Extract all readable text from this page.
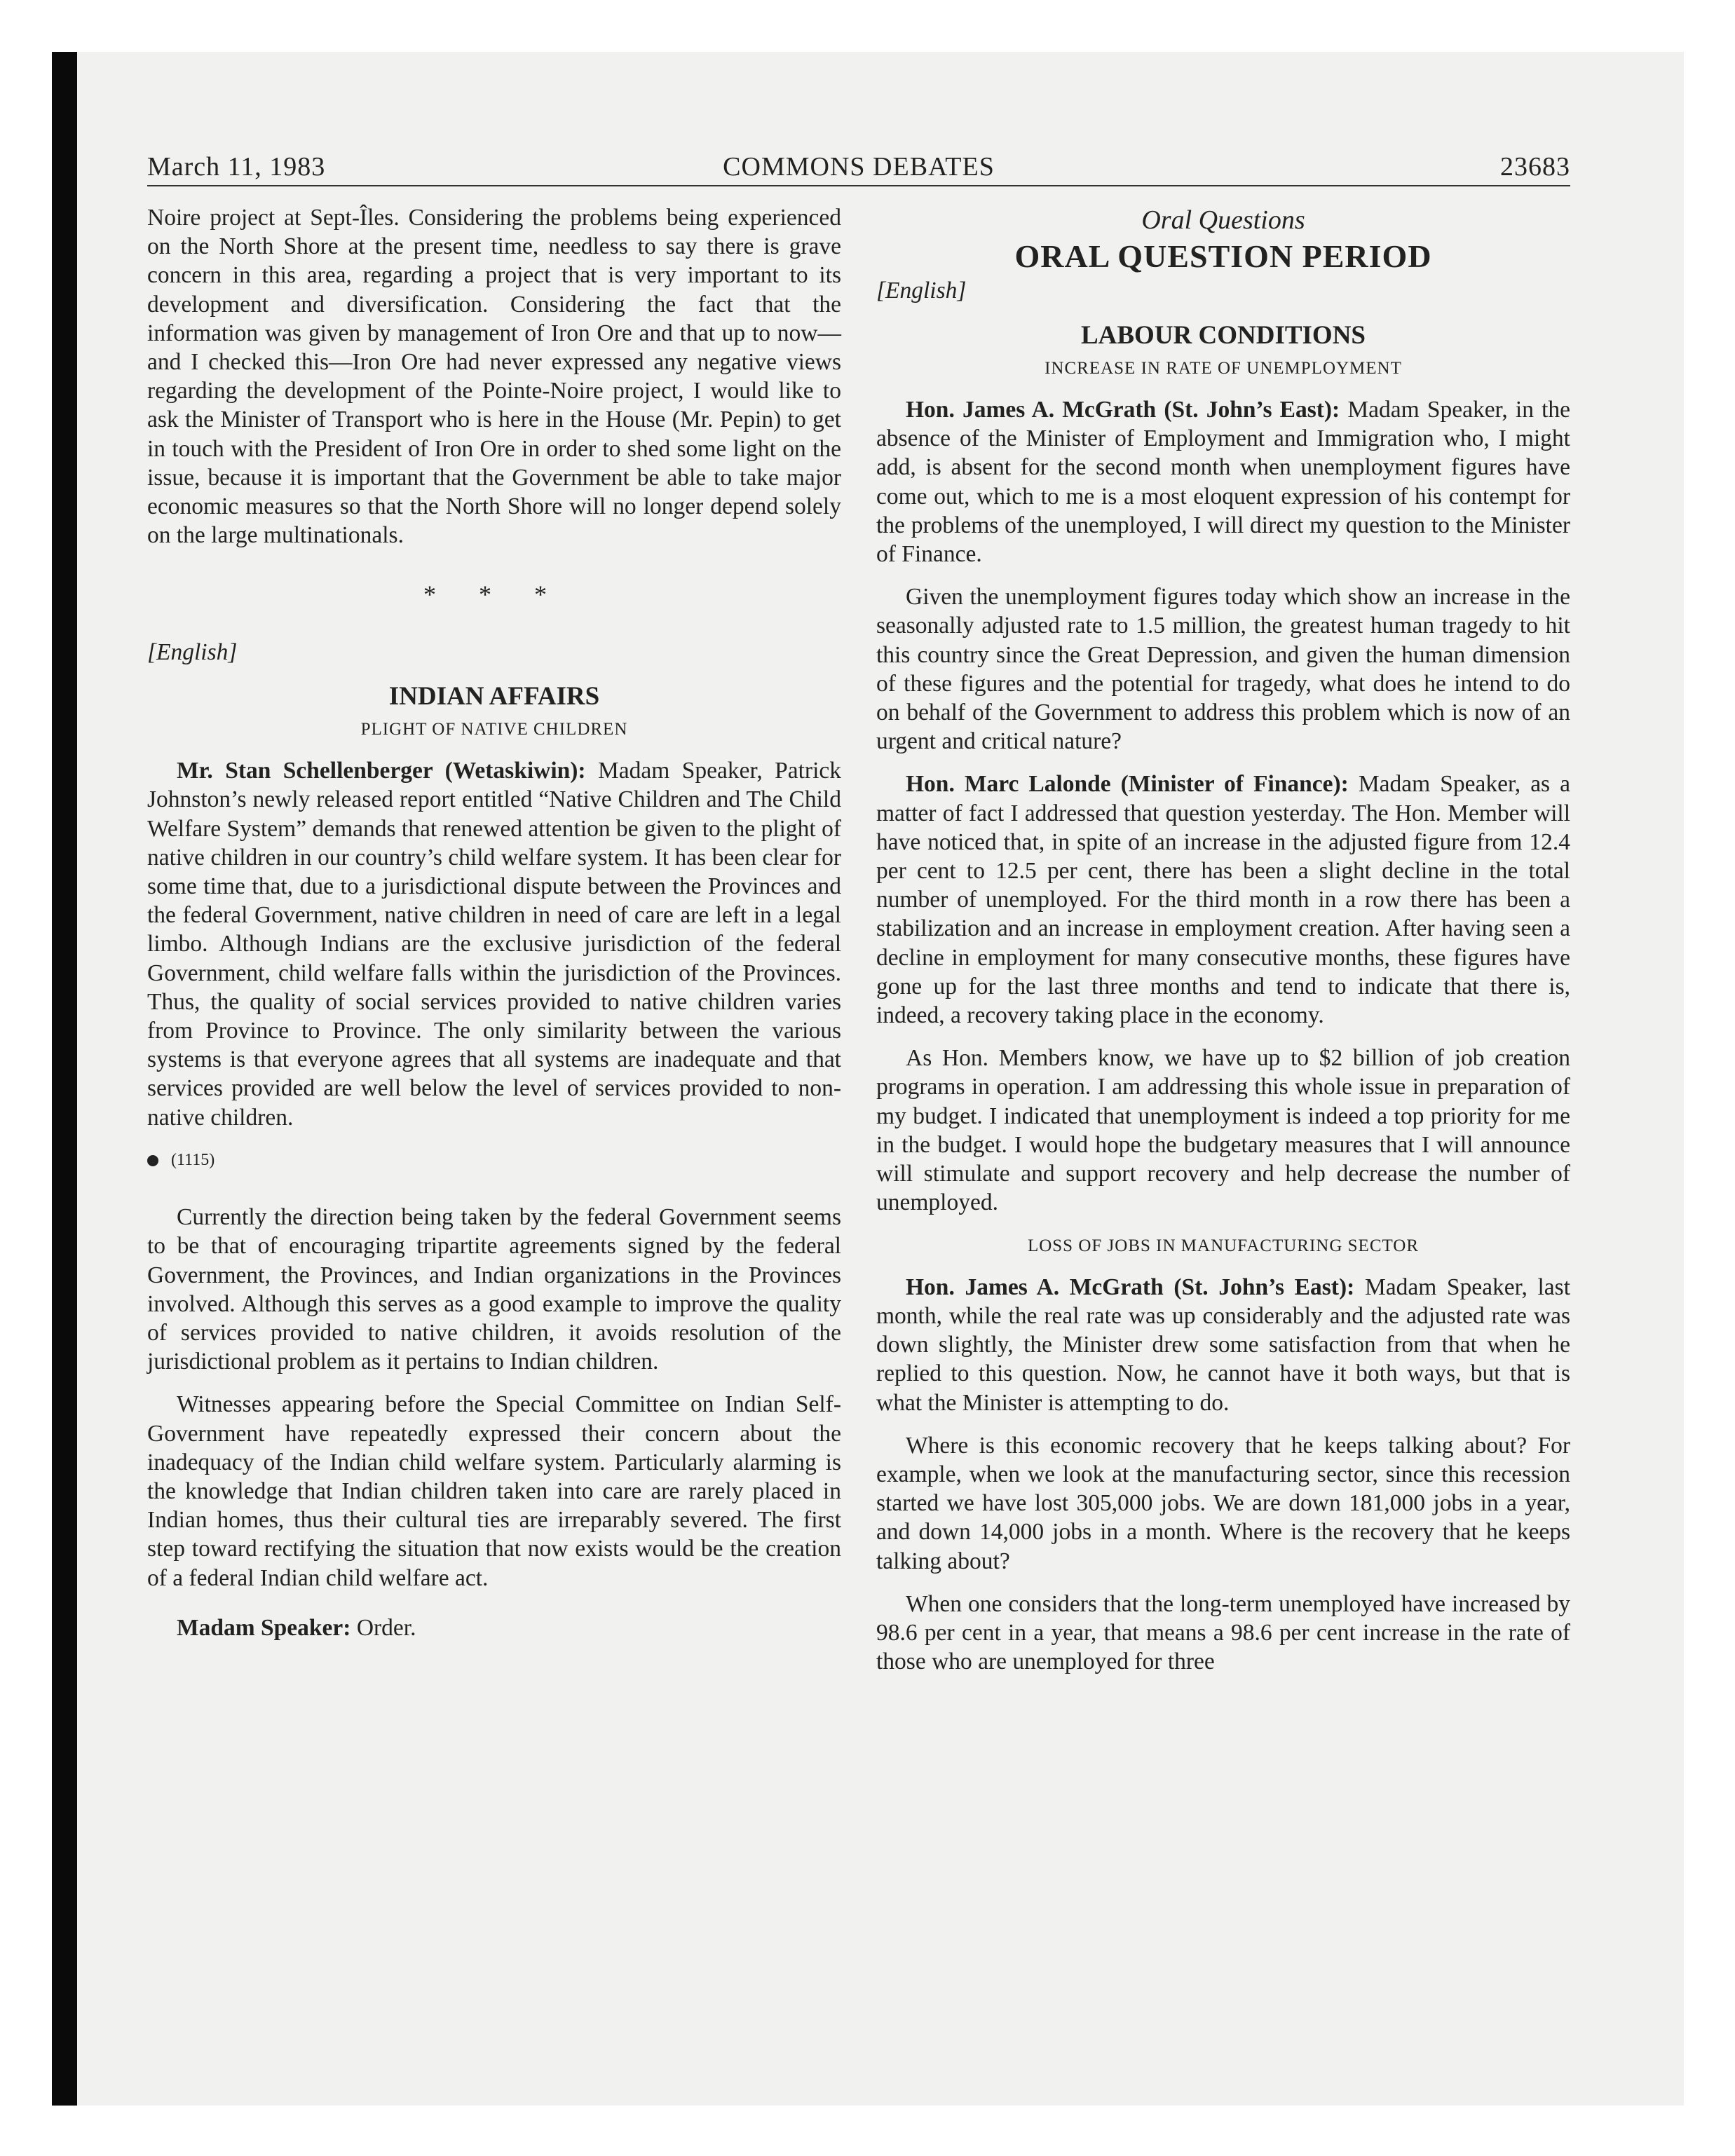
March 11, 1983	COMMONS DEBATES	23683

Noire project at Sept-Îles. Considering the problems being experienced on the North Shore at the present time, needless to say there is grave concern in this area, regarding a project that is very important to its development and diversification. Considering the fact that the information was given by management of Iron Ore and that up to now—and I checked this—Iron Ore had never expressed any negative views regarding the development of the Pointe-Noire project, I would like to ask the Minister of Transport who is here in the House (Mr. Pepin) to get in touch with the President of Iron Ore in order to shed some light on the issue, because it is important that the Government be able to take major economic measures so that the North Shore will no longer depend solely on the large multinationals.

* * *
[English]
INDIAN AFFAIRS
PLIGHT OF NATIVE CHILDREN

Mr. Stan Schellenberger (Wetaskiwin): Madam Speaker, Patrick Johnston’s newly released report entitled “Native Children and The Child Welfare System” demands that renewed attention be given to the plight of native children in our country’s child welfare system. It has been clear for some time that, due to a jurisdictional dispute between the Provinces and the federal Government, native children in need of care are left in a legal limbo. Although Indians are the exclusive jurisdiction of the federal Government, child welfare falls within the jurisdiction of the Provinces. Thus, the quality of social services provided to native children varies from Province to Province. The only similarity between the various systems is that everyone agrees that all systems are inadequate and that services provided are well below the level of services provided to non-native children.

(1115)

Currently the direction being taken by the federal Government seems to be that of encouraging tripartite agreements signed by the federal Government, the Provinces, and Indian organizations in the Provinces involved. Although this serves as a good example to improve the quality of services provided to native children, it avoids resolution of the jurisdictional problem as it pertains to Indian children.

Witnesses appearing before the Special Committee on Indian Self-Government have repeatedly expressed their concern about the inadequacy of the Indian child welfare system. Particularly alarming is the knowledge that Indian children taken into care are rarely placed in Indian homes, thus their cultural ties are irreparably severed. The first step toward rectifying the situation that now exists would be the creation of a federal Indian child welfare act.

Madam Speaker: Order.

Oral Questions
ORAL QUESTION PERIOD
[English]
LABOUR CONDITIONS
INCREASE IN RATE OF UNEMPLOYMENT

Hon. James A. McGrath (St. John’s East): Madam Speaker, in the absence of the Minister of Employment and Immigration who, I might add, is absent for the second month when unemployment figures have come out, which to me is a most eloquent expression of his contempt for the problems of the unemployed, I will direct my question to the Minister of Finance.

Given the unemployment figures today which show an increase in the seasonally adjusted rate to 1.5 million, the greatest human tragedy to hit this country since the Great Depression, and given the human dimension of these figures and the potential for tragedy, what does he intend to do on behalf of the Government to address this problem which is now of an urgent and critical nature?

Hon. Marc Lalonde (Minister of Finance): Madam Speaker, as a matter of fact I addressed that question yesterday. The Hon. Member will have noticed that, in spite of an increase in the adjusted figure from 12.4 per cent to 12.5 per cent, there has been a slight decline in the total number of unemployed. For the third month in a row there has been a stabilization and an increase in employment creation. After having seen a decline in employment for many consecutive months, these figures have gone up for the last three months and tend to indicate that there is, indeed, a recovery taking place in the economy.

As Hon. Members know, we have up to $2 billion of job creation programs in operation. I am addressing this whole issue in preparation of my budget. I indicated that unemployment is indeed a top priority for me in the budget. I would hope the budgetary measures that I will announce will stimulate and support recovery and help decrease the number of unemployed.

LOSS OF JOBS IN MANUFACTURING SECTOR

Hon. James A. McGrath (St. John’s East): Madam Speaker, last month, while the real rate was up considerably and the adjusted rate was down slightly, the Minister drew some satisfaction from that when he replied to this question. Now, he cannot have it both ways, but that is what the Minister is attempting to do.

Where is this economic recovery that he keeps talking about? For example, when we look at the manufacturing sector, since this recession started we have lost 305,000 jobs. We are down 181,000 jobs in a year, and down 14,000 jobs in a month. Where is the recovery that he keeps talking about?

When one considers that the long-term unemployed have increased by 98.6 per cent in a year, that means a 98.6 per cent increase in the rate of those who are unemployed for three
